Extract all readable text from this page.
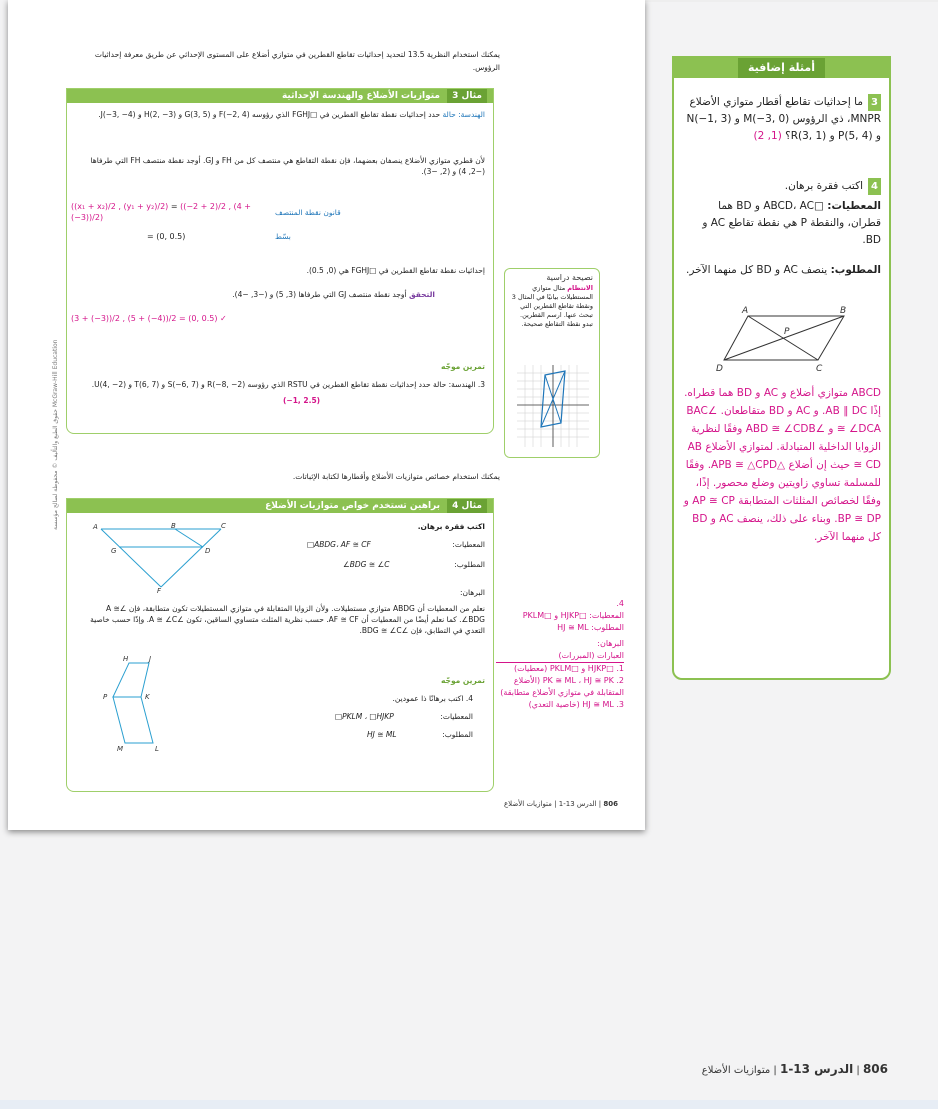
يمكنك استخدام النظرية 13.5 لتحديد إحداثيات تقاطع القطرين في متوازي أضلاع على المستوى الإحداثي عن طريق معرفة إحداثيات الرؤوس.
مثال 3 متوازيات الأضلاع والهندسة الإحداثية
الهندسة: حالة حدد إحداثيات نقطة تقاطع القطرين في □FGHJ الذي رؤوسه F(−2, 4) و G(3, 5) و H(2, −3) و J(−3, −4).
لأن قطري متوازي الأضلاع ينصفان بعضهما، فإن نقطة التقاطع هي منتصف كل من FH و GJ. أوجد نقطة منتصف FH التي طرفاها (−2, 4) و (2, −3).
((x₁ + x₂)/2 , (y₁ + y₂)/2) = ((−2 + 2)/2 , (4 + (−3))/2)
قانون نقطة المنتصف
= (0, 0.5)	بسّط
إحداثيات نقطة تقاطع القطرين في □FGHJ هي (0, 0.5).
التحقق أوجد نقطة منتصف GJ التي طرفاها (3, 5) و (−3, −4).
(3 + (−3))/2 , (5 + (−4))/2 = (0, 0.5) ✓
تمرين موجّه
3. الهندسة: حالة حدد إحداثيات نقطة تقاطع القطرين في RSTU الذي رؤوسه R(−8, −2) و S(−6, 7) و T(6, 7) و U(4, −2).
(−1, 2.5)
نصيحة دراسية
الانتظام مثال متوازي المستطيلات بيانيًا في المثال 3 ونقطة تقاطع القطرين التي تبحث عنها. ارسم القطرين. تبدو نقطة التقاطع صحيحة.
يمكنك استخدام خصائص متوازيات الأضلاع وأقطارها لكتابة الإثباتات.
مثال 4 براهين تستخدم خواص متوازيات الأضلاع
اكتب فقرة برهان.
المعطيات:
□ABDG، AF ≅ CF
المطلوب:
∠BDG ≅ ∠C
البرهان:
نعلم من المعطيات أن ABDG متوازي مستطيلات. ولأن الزوايا المتقابلة في متوازي المستطيلات تكون متطابقة، فإن ∠A ≅ ∠BDG. كما نعلم أيضًا من المعطيات أن AF ≅ CF. حسب نظرية المثلث متساوي الساقين، تكون ∠A ≅ ∠C. وإذًا حسب خاصية التعدي في التطابق، فإن ∠BDG ≅ ∠C.
A	B	C
G	D
F
H	J
P	K
M	L
تمرين موجّه
4. اكتب برهانًا ذا عمودين.
المعطيات:
□PKLM ، □HJKP
المطلوب:
HJ ≅ ML
4.
المعطيات: □HJKP و □PKLM
المطلوب: HJ ≅ ML
البرهان:
العبارات (المبررات)
1. □HJKP و □PKLM (معطيات)
2. PK ≅ ML ، HJ ≅ PK (الأضلاع المتقابلة في متوازي الأضلاع متطابقة)
3. HJ ≅ ML (خاصية التعدي)
حقوق الطبع والتأليف © محفوظة لصالح مؤسسة McGraw-Hill Education
806 | الدرس 13-1 | متوازيات الأضلاع
أمثلة إضافية
3ما إحداثيات تقاطع أقطار متوازي الأضلاع MNPR، ذي الرؤوس M(−3, 0) و N(−1, 3) و P(5, 4) و R(3, 1)؟ (1, 2)
4اكتب فقرة برهان.
المعطيات: □ABCD، AC و BD هما قطران، والنقطة P هي نقطة تقاطع AC و BD.
المطلوب: ينصف AC و BD كل منهما الآخر.
A	B
P
D	C
ABCD متوازي أضلاع و AC و BD هما قطراه. إذًا AB ∥ DC. و AC و BD متقاطعان. ∠BAC ≅ ∠DCA و ∠ABD ≅ ∠CDB وفقًا لنظرية الزوايا الداخلية المتبادلة. لمتوازي الأضلاع AB ≅ CD حيث إن أضلاع △APB ≅ △CPD. وفقًا للمسلمة تساوي زاويتين وضلع محصور. إذًا، وفقًا لخصائص المثلثات المتطابقة AP ≅ CP و BP ≅ DP. وبناء على ذلك، ينصف AC و BD كل منهما الآخر.
806 | الدرس 13-1 | متوازيات الأضلاع
